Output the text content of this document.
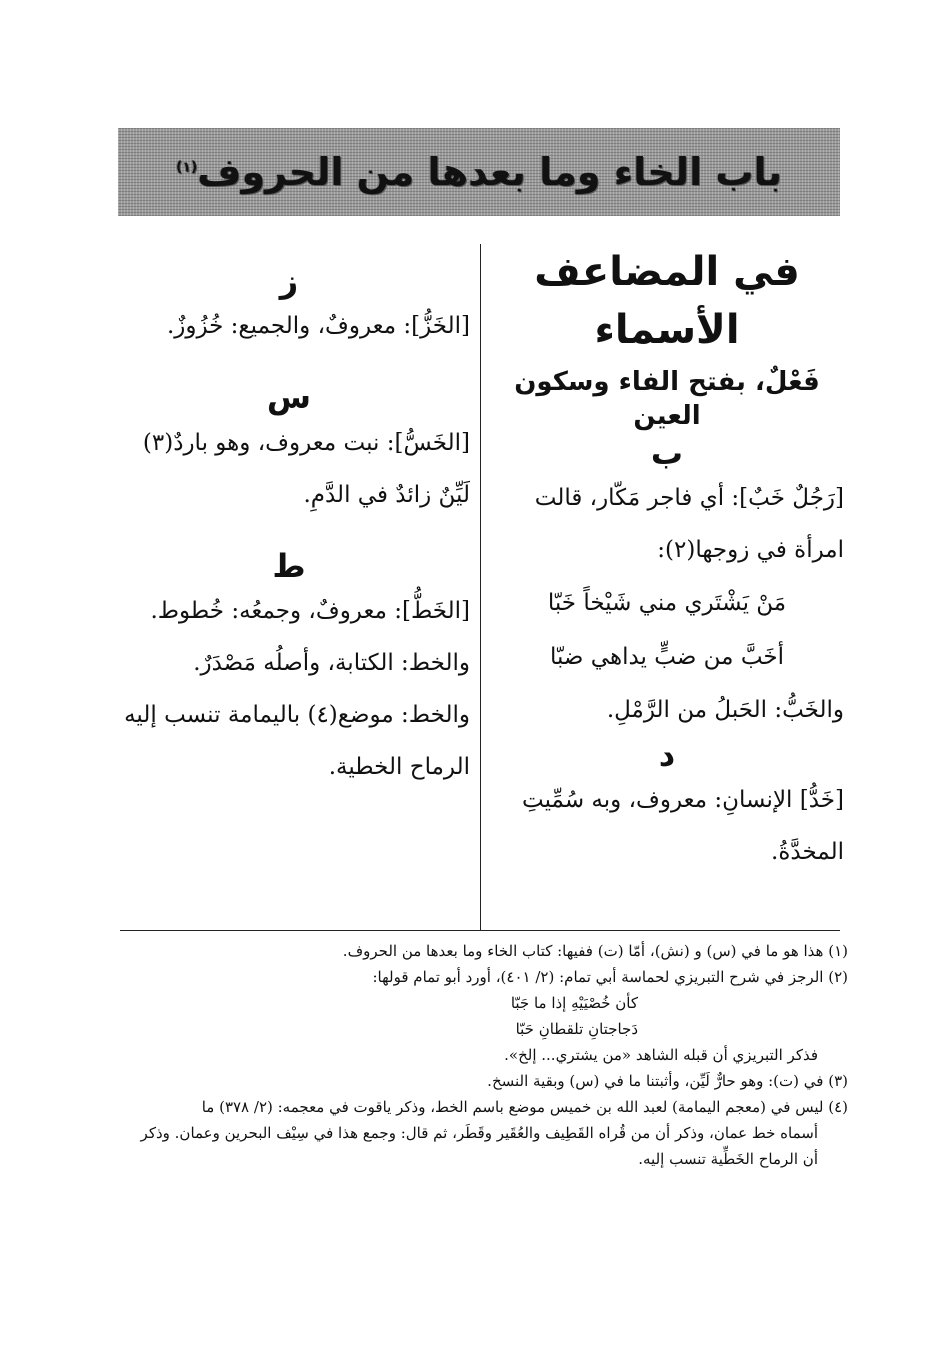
باب الخاء وما بعدها من الحروف$^{(١)}$

في المضاعف

الأسماء

فَعْلٌ، بفتح الفاء وسكون العين

ب

[رَجُلٌ خَبٌ]: أي فاجر مَكّار، قالت امرأة في زوجها(٢):

مَنْ يَشْتَري مني شَيْخاً خَبّا

أخَبَّ من ضبٍّ يداهي ضبّا

والخَبُّ: الحَبلُ من الرَّمْلِ.

د

[خَدُّ] الإنسانِ: معروف، وبه سُمِّيتِ المخدَّةُ.

ز

[الخَزُّ]: معروفٌ، والجميع: خُزُوزٌ.

س

[الخَسُّ]: نبت معروف، وهو باردٌ(٣) لَيِّنٌ زائدٌ في الدَّمِ.

ط

[الخَطُّ]: معروفٌ، وجمعُه: خُطوط.

والخط: الكتابة، وأصلُه مَصْدَرٌ.

والخط: موضع(٤) باليمامة تنسب إليه الرماح الخطية.

(١) هذا هو ما في (س) و (نش)، أمّا (ت) ففيها: كتاب الخاء وما بعدها من الحروف.

(٢) الرجز في شرح التبريزي لحماسة أبي تمام: (٢/ ٤٠١)، أورد أبو تمام قولها:

كأن خُصْيَيْهِ إذا ما جَبّا

دَجاجتانِ تلقطانِ حَبّا

فذكر التبريزي أن قبله الشاهد «من يشتري... إلخ».

(٣) في (ت): وهو حارٌّ لَيِّن، وأثبتنا ما في (س) وبقية النسخ.

(٤) ليس في (معجم اليمامة) لعبد الله بن خميس موضع باسم الخط، وذكر ياقوت في معجمه: (٢/ ٣٧٨) ما

أسماه خط عمان، وذكر أن من قُراه القَطِيف والعُقَير وقَطَر، ثم قال: وجمع هذا في سِيْف البحرين وعمان. وذكر

أن الرماح الخَطِّية تنسب إليه.
